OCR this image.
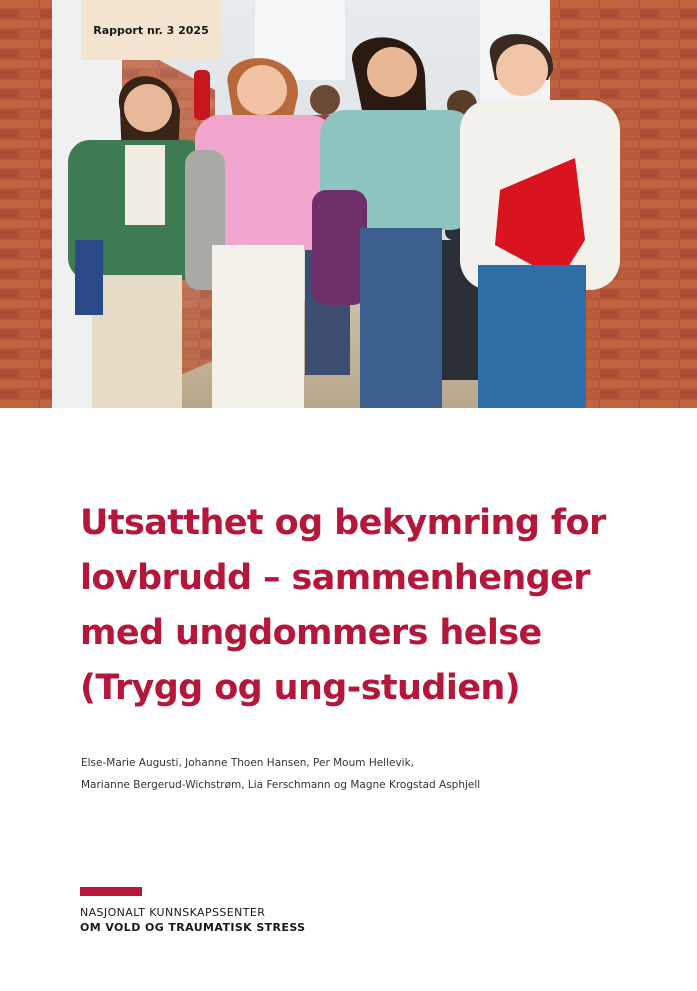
Rapport nr. 3 2025
Utsatthet og bekymring for
lovbrudd – sammenhenger
med ungdommers helse
(Trygg og ung-studien)
Else-Marie Augusti, Johanne Thoen Hansen, Per Moum Hellevik,
Marianne Bergerud-Wichstrøm, Lia Ferschmann og Magne Krogstad Asphjell
NASJONALT KUNNSKAPSSENTER
OM VOLD OG TRAUMATISK STRESS
